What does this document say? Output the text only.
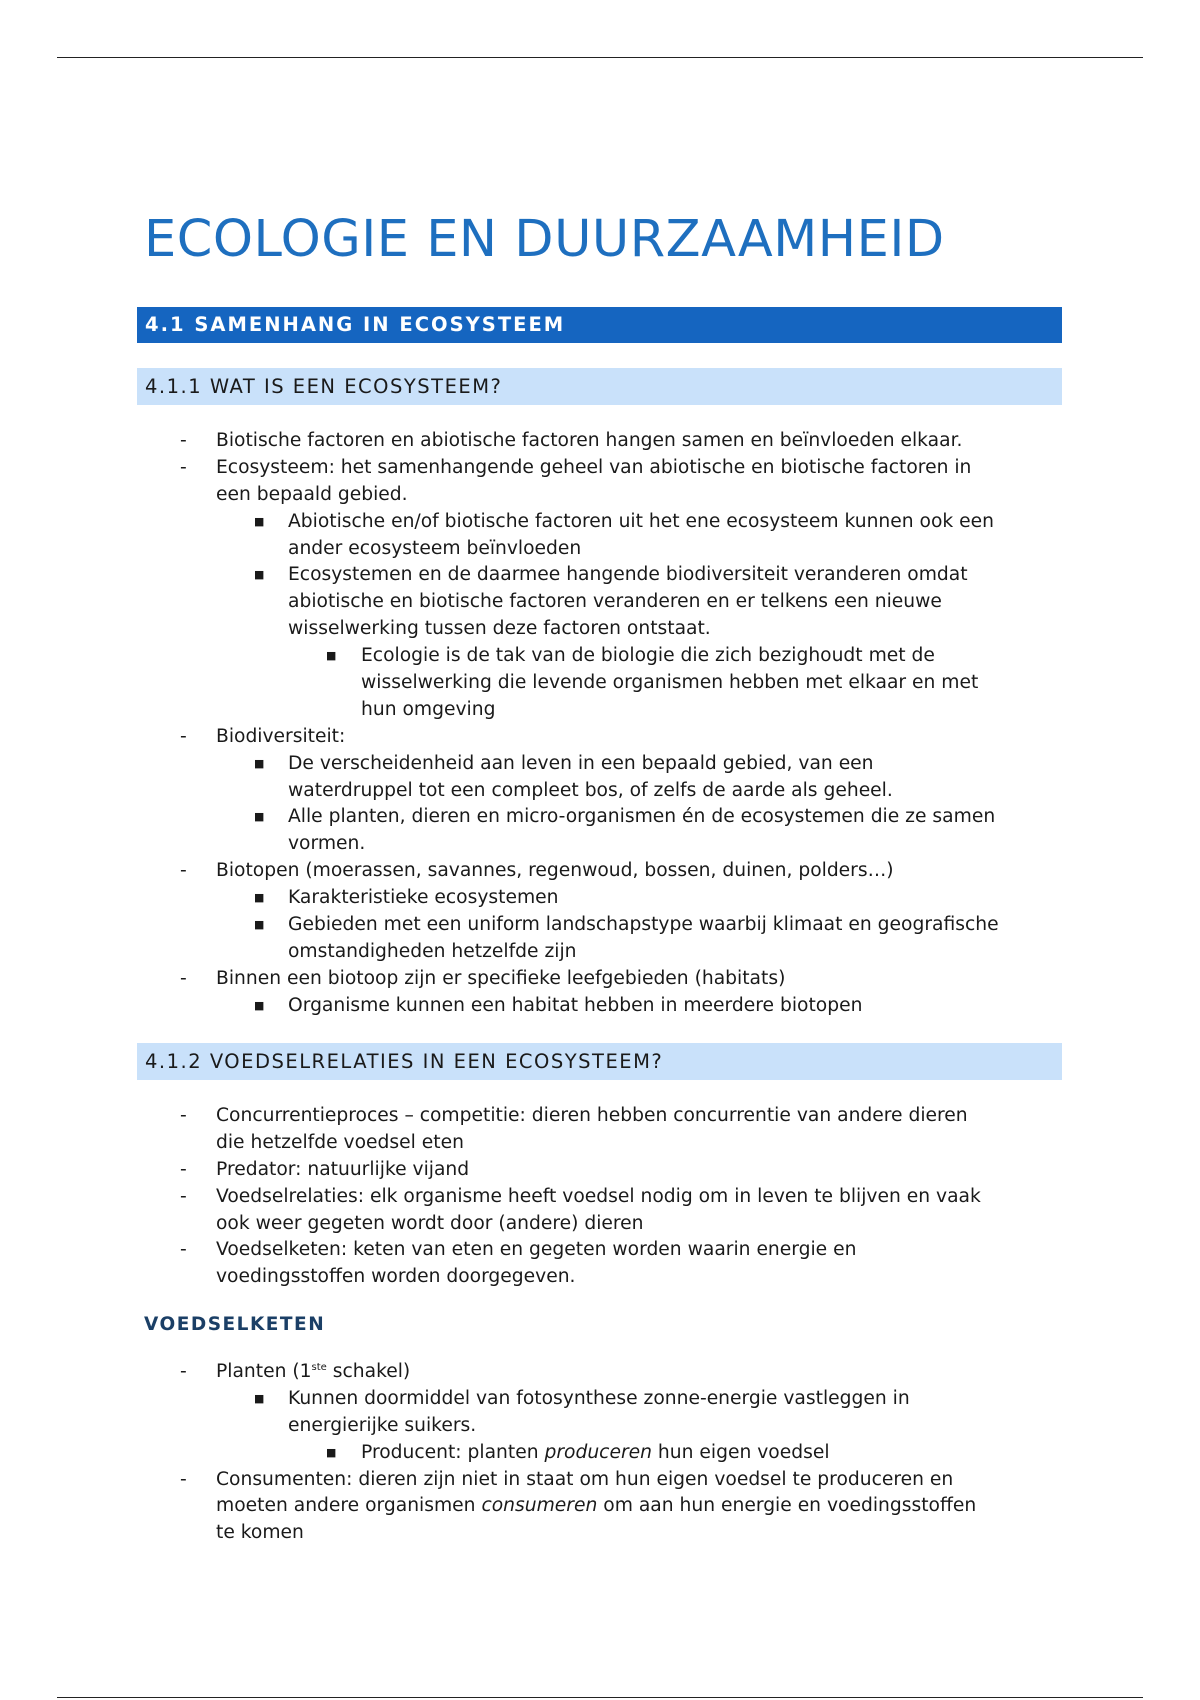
ECOLOGIE EN DUURZAAMHEID
4.1 SAMENHANG IN ECOSYSTEEM
4.1.1 WAT IS EEN ECOSYSTEEM?
- Biotische factoren en abiotische factoren hangen samen en beïnvloeden elkaar.
- Ecosysteem: het samenhangende geheel van abiotische en biotische factoren in
een bepaald gebied.
■ Abiotische en/of biotische factoren uit het ene ecosysteem kunnen ook een
ander ecosysteem beïnvloeden
■ Ecosystemen en de daarmee hangende biodiversiteit veranderen omdat
abiotische en biotische factoren veranderen en er telkens een nieuwe
wisselwerking tussen deze factoren ontstaat.
■ Ecologie is de tak van de biologie die zich bezighoudt met de
wisselwerking die levende organismen hebben met elkaar en met
hun omgeving
- Biodiversiteit:
■ De verscheidenheid aan leven in een bepaald gebied, van een
waterdruppel tot een compleet bos, of zelfs de aarde als geheel.
■ Alle planten, dieren en micro-organismen én de ecosystemen die ze samen
vormen.
- Biotopen (moerassen, savannes, regenwoud, bossen, duinen, polders…)
■ Karakteristieke ecosystemen
■ Gebieden met een uniform landschapstype waarbij klimaat en geografische
omstandigheden hetzelfde zijn
- Binnen een biotoop zijn er specifieke leefgebieden (habitats)
■ Organisme kunnen een habitat hebben in meerdere biotopen
4.1.2 VOEDSELRELATIES IN EEN ECOSYSTEEM?
- Concurrentieproces – competitie: dieren hebben concurrentie van andere dieren
die hetzelfde voedsel eten
- Predator: natuurlijke vijand
- Voedselrelaties: elk organisme heeft voedsel nodig om in leven te blijven en vaak
ook weer gegeten wordt door (andere) dieren
- Voedselketen: keten van eten en gegeten worden waarin energie en
voedingsstoffen worden doorgegeven.
VOEDSELKETEN
- Planten (1ste schakel)
■ Kunnen doormiddel van fotosynthese zonne-energie vastleggen in
energierijke suikers.
■ Producent: planten produceren hun eigen voedsel
- Consumenten: dieren zijn niet in staat om hun eigen voedsel te produceren en
moeten andere organismen consumeren om aan hun energie en voedingsstoffen
te komen
